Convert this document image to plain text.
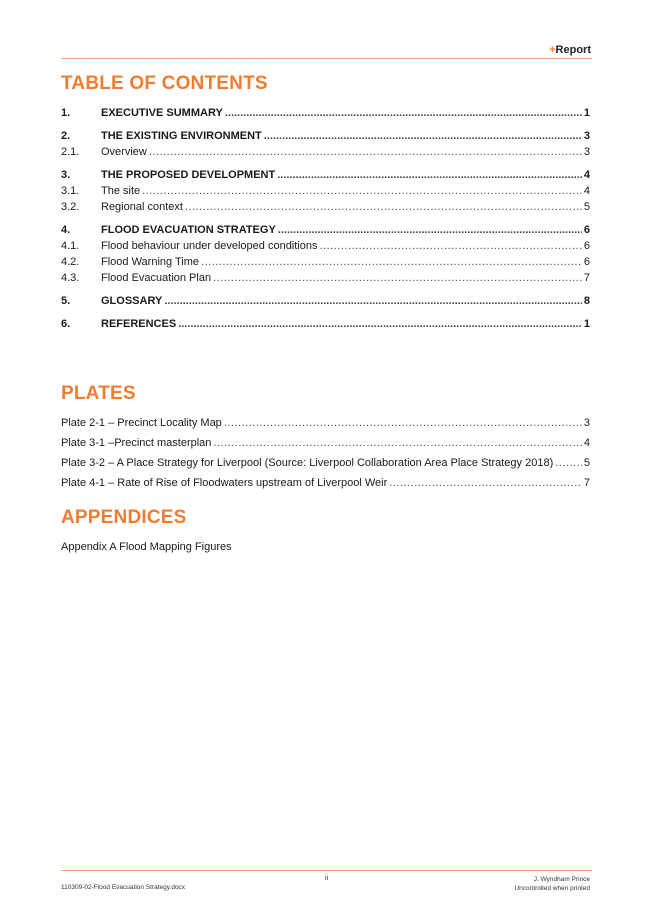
+Report
TABLE OF CONTENTS
1.	EXECUTIVE SUMMARY .....	1
2.	THE EXISTING ENVIRONMENT .....	3
2.1.	Overview .....	3
3.	THE PROPOSED DEVELOPMENT .....	4
3.1.	The site .....	4
3.2.	Regional context .....	5
4.	FLOOD EVACUATION STRATEGY .....	6
4.1.	Flood behaviour under developed conditions .....	6
4.2.	Flood Warning Time .....	6
4.3.	Flood Evacuation Plan .....	7
5.	GLOSSARY .....	8
6.	REFERENCES .....	1
PLATES
Plate 2-1 – Precinct Locality Map .....	3
Plate 3-1 –Precinct masterplan .....	4
Plate 3-2 – A Place Strategy for Liverpool (Source: Liverpool Collaboration Area Place Strategy 2018) .....	5
Plate 4-1 – Rate of Rise of Floodwaters upstream of Liverpool Weir .....	7
APPENDICES
Appendix A Flood Mapping Figures
ii
110309-02-Flood Evacuation Strategy.docx
J. Wyndham Prince
Uncontrolled when printed
